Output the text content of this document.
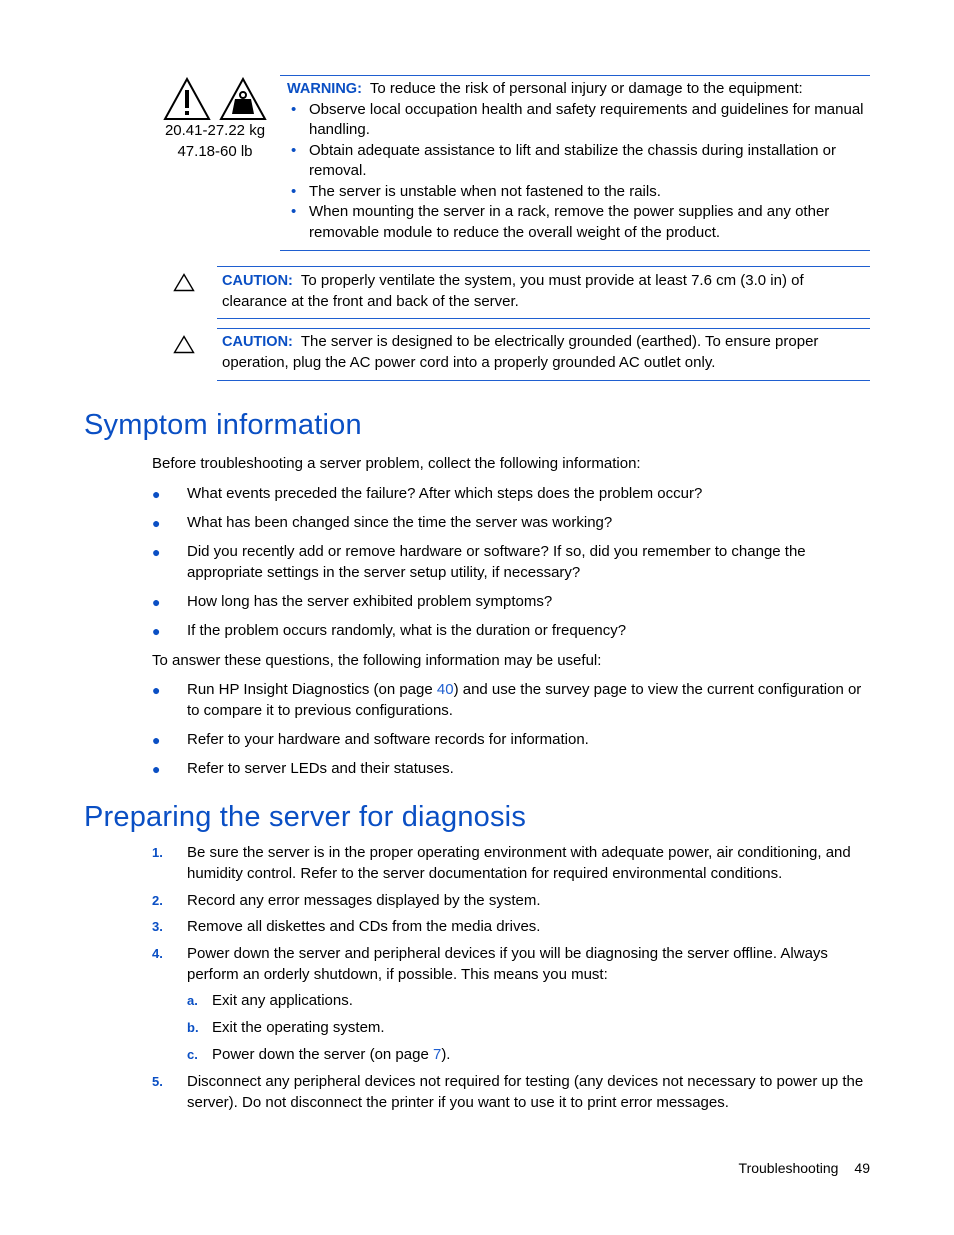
20.41-27.22 kg
47.18-60 lb
WARNING: To reduce the risk of personal injury or damage to the equipment:
• Observe local occupation health and safety requirements and guidelines for manual handling.
• Obtain adequate assistance to lift and stabilize the chassis during installation or removal.
• The server is unstable when not fastened to the rails.
• When mounting the server in a rack, remove the power supplies and any other removable module to reduce the overall weight of the product.
CAUTION: To properly ventilate the system, you must provide at least 7.6 cm (3.0 in) of clearance at the front and back of the server.
CAUTION: The server is designed to be electrically grounded (earthed). To ensure proper operation, plug the AC power cord into a properly grounded AC outlet only.
Symptom information
Before troubleshooting a server problem, collect the following information:
● What events preceded the failure? After which steps does the problem occur?
● What has been changed since the time the server was working?
● Did you recently add or remove hardware or software? If so, did you remember to change the appropriate settings in the server setup utility, if necessary?
● How long has the server exhibited problem symptoms?
● If the problem occurs randomly, what is the duration or frequency?
To answer these questions, the following information may be useful:
● Run HP Insight Diagnostics (on page 40) and use the survey page to view the current configuration or to compare it to previous configurations.
● Refer to your hardware and software records for information.
● Refer to server LEDs and their statuses.
Preparing the server for diagnosis
1. Be sure the server is in the proper operating environment with adequate power, air conditioning, and humidity control. Refer to the server documentation for required environmental conditions.
2. Record any error messages displayed by the system.
3. Remove all diskettes and CDs from the media drives.
4. Power down the server and peripheral devices if you will be diagnosing the server offline. Always perform an orderly shutdown, if possible. This means you must:
a. Exit any applications.
b. Exit the operating system.
c. Power down the server (on page 7).
5. Disconnect any peripheral devices not required for testing (any devices not necessary to power up the server). Do not disconnect the printer if you want to use it to print error messages.
Troubleshooting 49
